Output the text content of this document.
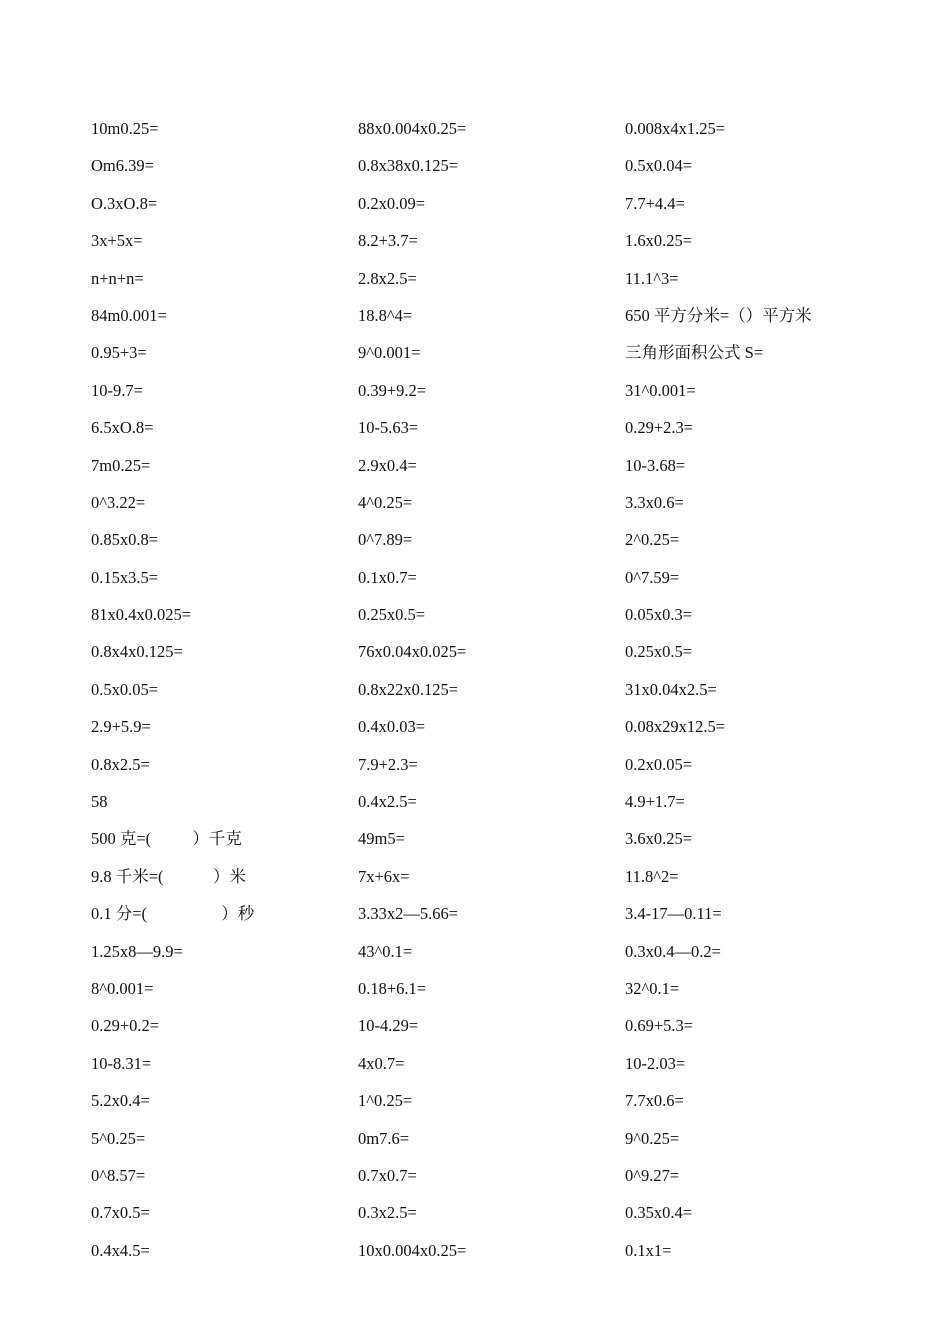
10m0.25=
Om6.39=
O.3xO.8=
3x+5x=
n+n+n=
84m0.001=
0.95+3=
10-9.7=
6.5xO.8=
7m0.25=
0^3.22=
0.85x0.8=
0.15x3.5=
81x0.4x0.025=
0.8x4x0.125=
0.5x0.05=
2.9+5.9=
0.8x2.5=
58
500 克=(          ）千克
9.8 千米=(            ）米
0.1 分=(                  ）秒
1.25x8—9.9=
8^0.001=
0.29+0.2=
10-8.31=
5.2x0.4=
5^0.25=
0^8.57=
0.7x0.5=
0.4x4.5=
88x0.004x0.25=
0.8x38x0.125=
0.2x0.09=
8.2+3.7=
2.8x2.5=
18.8^4=
9^0.001=
0.39+9.2=
10-5.63=
2.9x0.4=
4^0.25=
0^7.89=
0.1x0.7=
0.25x0.5=
76x0.04x0.025=
0.8x22x0.125=
0.4x0.03=
7.9+2.3=
0.4x2.5=
49m5=
7x+6x=
3.33x2—5.66=
43^0.1=
0.18+6.1=
10-4.29=
4x0.7=
1^0.25=
0m7.6=
0.7x0.7=
0.3x2.5=
10x0.004x0.25=
0.008x4x1.25=
0.5x0.04=
7.7+4.4=
1.6x0.25=
11.1^3=
650 平方分米=（）平方米
三角形面积公式 S=
31^0.001=
0.29+2.3=
10-3.68=
3.3x0.6=
2^0.25=
0^7.59=
0.05x0.3=
0.25x0.5=
31x0.04x2.5=
0.08x29x12.5=
0.2x0.05=
4.9+1.7=
3.6x0.25=
11.8^2=
3.4-17—0.11=
0.3x0.4—0.2=
32^0.1=
0.69+5.3=
10-2.03=
7.7x0.6=
9^0.25=
0^9.27=
0.35x0.4=
0.1x1=
